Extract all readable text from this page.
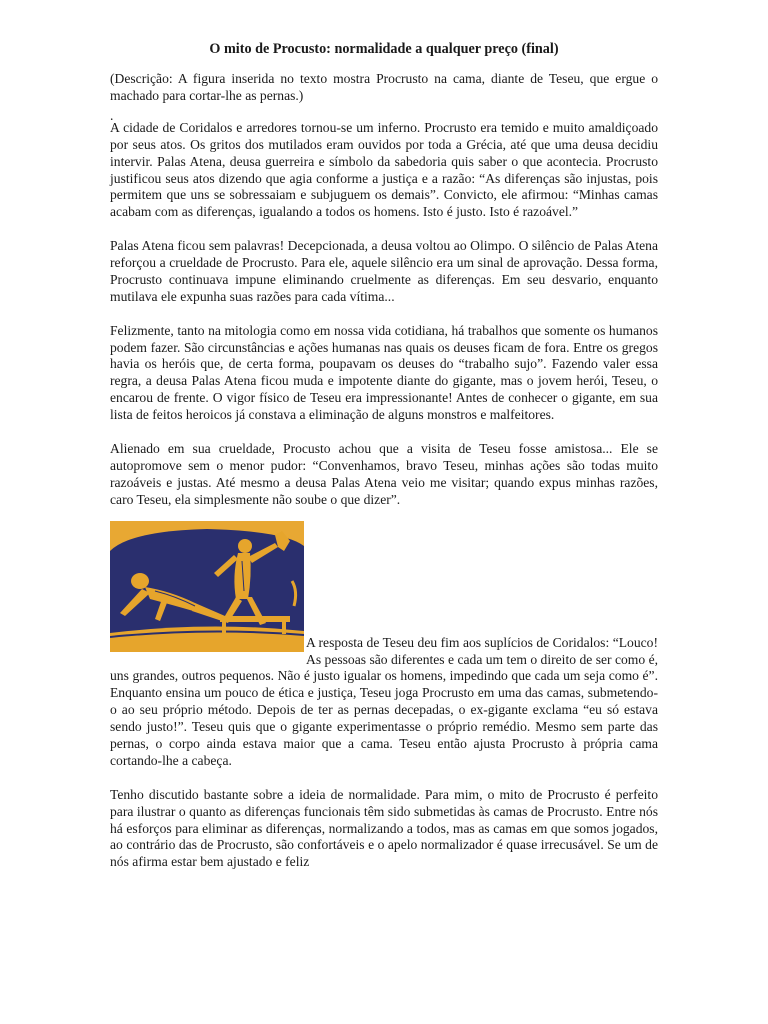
O mito de Procusto: normalidade a qualquer preço (final)

(Descrição: A figura inserida no texto mostra Procrusto na cama, diante de Teseu, que ergue o machado para cortar-lhe as pernas.)

.

A cidade de Coridalos e arredores tornou-se um inferno. Procrusto era temido e muito amaldiçoado por seus atos. Os gritos dos mutilados eram ouvidos por toda a Grécia, até que uma deusa decidiu intervir. Palas Atena, deusa guerreira e símbolo da sabedoria quis saber o que acontecia. Procrusto justificou seus atos dizendo que agia conforme a justiça e a razão: “As diferenças são injustas, pois permitem que uns se sobressaiam e subjuguem os demais”. Convicto, ele afirmou: “Minhas camas acabam com as diferenças, igualando a todos os homens. Isto é justo. Isto é razoável.”

Palas Atena ficou sem palavras! Decepcionada, a deusa voltou ao Olimpo. O silêncio de Palas Atena reforçou a crueldade de Procrusto. Para ele, aquele silêncio era um sinal de aprovação. Dessa forma, Procrusto continuava impune eliminando cruelmente as diferenças. Em seu desvario, enquanto mutilava ele expunha suas razões para cada vítima...

Felizmente, tanto na mitologia como em nossa vida cotidiana, há trabalhos que somente os humanos podem fazer. São circunstâncias e ações humanas nas quais os deuses ficam de fora. Entre os gregos havia os heróis que, de certa forma, poupavam os deuses do “trabalho sujo”. Fazendo valer essa regra, a deusa Palas Atena ficou muda e impotente diante do gigante, mas o jovem herói, Teseu, o encarou de frente. O vigor físico de Teseu era impressionante! Antes de conhecer o gigante, em sua lista de feitos heroicos já constava a eliminação de alguns monstros e malfeitores.

Alienado em sua crueldade, Procusto achou que a visita de Teseu fosse amistosa... Ele se autopromove sem o menor pudor: “Convenhamos, bravo Teseu, minhas ações são todas muito razoáveis e justas. Até mesmo a deusa Palas Atena veio me visitar; quando expus minhas razões, caro Teseu, ela simplesmente não soube o que dizer”.

A resposta de Teseu deu fim aos suplícios de Coridalos: “Louco! As pessoas são diferentes e cada um tem o direito de ser como é, uns grandes, outros pequenos. Não é justo igualar os homens, impedindo que cada um seja como é”. Enquanto ensina um pouco de ética e justiça, Teseu joga Procrusto em uma das camas, submetendo-o ao seu próprio método. Depois de ter as pernas decepadas, o ex-gigante exclama “eu só estava sendo justo!”. Teseu quis que o gigante experimentasse o próprio remédio. Mesmo sem parte das pernas, o corpo ainda estava maior que a cama. Teseu então ajusta Procrusto à própria cama cortando-lhe a cabeça.

Tenho discutido bastante sobre a ideia de normalidade. Para mim, o mito de Procrusto é perfeito para ilustrar o quanto as diferenças funcionais têm sido submetidas às camas de Procrusto. Entre nós há esforços para eliminar as diferenças, normalizando a todos, mas as camas em que somos jogados, ao contrário das de Procrusto, são confortáveis e o apelo normalizador é quase irrecusável. Se um de nós afirma estar bem ajustado e feliz
